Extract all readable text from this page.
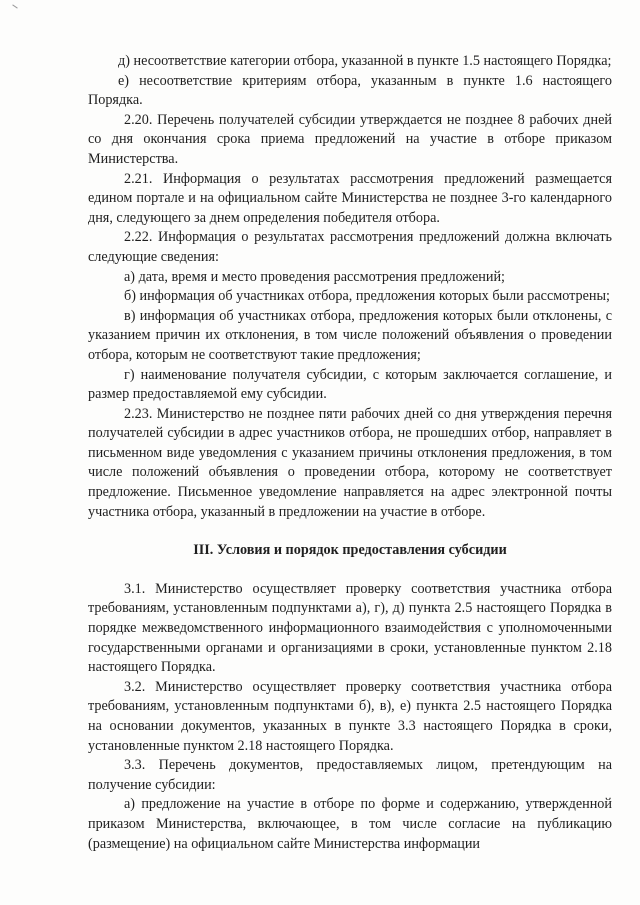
д) несоответствие категории отбора, указанной в пункте 1.5 настоящего Порядка;

е) несоответствие критериям отбора, указанным в пункте 1.6 настоящего Порядка.

2.20. Перечень получателей субсидии утверждается не позднее 8 рабочих дней со дня окончания срока приема предложений на участие в отборе приказом Министерства.

2.21. Информация о результатах рассмотрения предложений размещается едином портале и на официальном сайте Министерства не позднее 3-го календарного дня, следующего за днем определения победителя отбора.

2.22. Информация о результатах рассмотрения предложений должна включать следующие сведения:

а) дата, время и место проведения рассмотрения предложений;

б) информация об участниках отбора, предложения которых были рассмотрены;

в) информация об участниках отбора, предложения которых были отклонены, с указанием причин их отклонения, в том числе положений объявления о проведении отбора, которым не соответствуют такие предложения;

г) наименование получателя субсидии, с которым заключается соглашение, и размер предоставляемой ему субсидии.

2.23. Министерство не позднее пяти рабочих дней со дня утверждения перечня получателей субсидии в адрес участников отбора, не прошедших отбор, направляет в письменном виде уведомления с указанием причины отклонения предложения, в том числе положений объявления о проведении отбора, которому не соответствует предложение. Письменное уведомление направляется на адрес электронной почты участника отбора, указанный в предложении на участие в отборе.

III. Условия и порядок предоставления субсидии

3.1. Министерство осуществляет проверку соответствия участника отбора требованиям, установленным подпунктами а), г), д) пункта 2.5 настоящего Порядка в порядке межведомственного информационного взаимодействия с уполномоченными государственными органами и организациями в сроки, установленные пунктом 2.18 настоящего Порядка.

3.2. Министерство осуществляет проверку соответствия участника отбора требованиям, установленным подпунктами б), в), е) пункта 2.5 настоящего Порядка на основании документов, указанных в пункте 3.3 настоящего Порядка в сроки, установленные пунктом 2.18 настоящего Порядка.

3.3. Перечень документов, предоставляемых лицом, претендующим на получение субсидии:

а) предложение на участие в отборе по форме и содержанию, утвержденной приказом Министерства, включающее, в том числе согласие на публикацию (размещение) на официальном сайте Министерства информации
